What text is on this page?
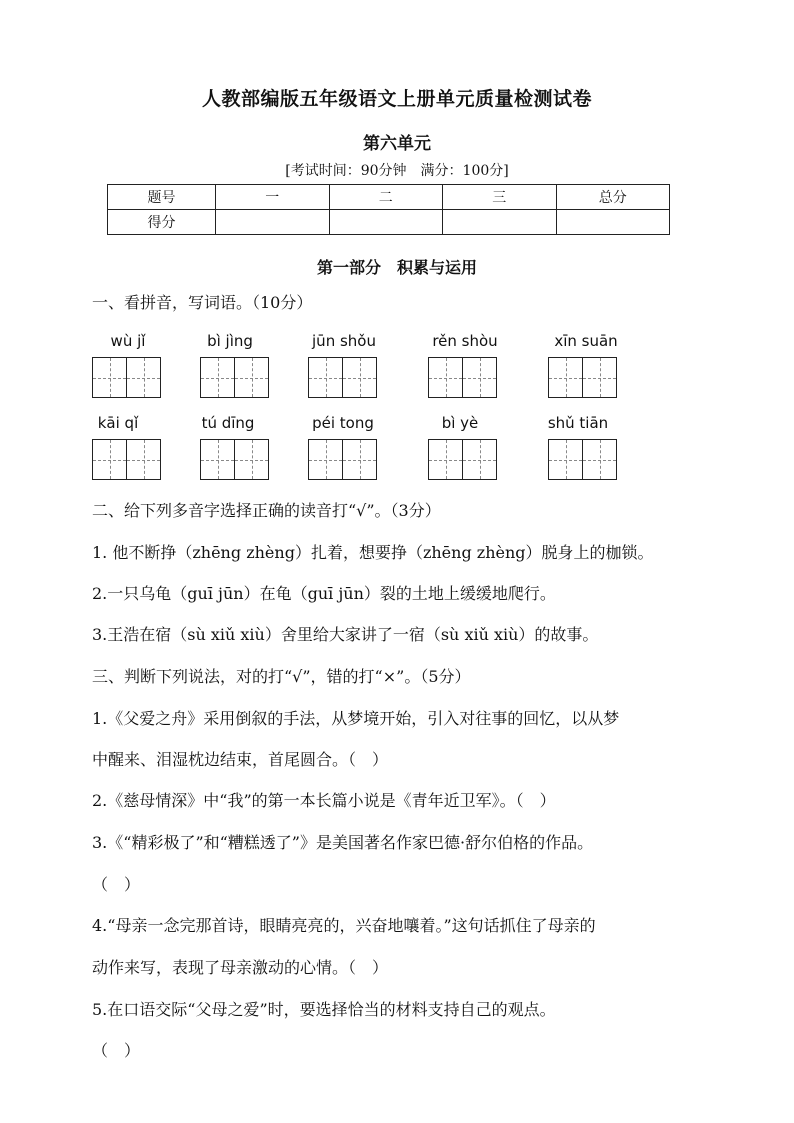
人教部编版五年级语文上册单元质量检测试卷
第六单元
[考试时间：90分钟　满分：100分]
题号	一	二	三	总分
得分				
第一部分　积累与运用
一、看拼音，写词语。（10分）
wù jǐ	bì jìng	jūn shǒu	rěn shòu	xīn suān
kāi qǐ	tú dīng	péi tong	bì yè	shǔ tiān
二、给下列多音字选择正确的读音打“√”。（3分）
1. 他不断挣（zhēng zhèng）扎着，想要挣（zhēng zhèng）脱身上的枷锁。
2.一只乌龟（guī jūn）在龟（guī jūn）裂的土地上缓缓地爬行。
3.王浩在宿（sù xiǔ xiù）舍里给大家讲了一宿（sù xiǔ xiù）的故事。
三、判断下列说法，对的打“√”，错的打“×”。（5分）
1.《父爱之舟》采用倒叙的手法，从梦境开始，引入对往事的回忆，以从梦
中醒来、泪湿枕边结束，首尾圆合。（　）
2.《慈母情深》中“我”的第一本长篇小说是《青年近卫军》。（　）
3.《“精彩极了”和“糟糕透了”》是美国著名作家巴德·舒尔伯格的作品。
（　）
4.“母亲一念完那首诗，眼睛亮亮的，兴奋地嚷着。”这句话抓住了母亲的
动作来写，表现了母亲激动的心情。（　）
5.在口语交际“父母之爱”时，要选择恰当的材料支持自己的观点。
（　）
